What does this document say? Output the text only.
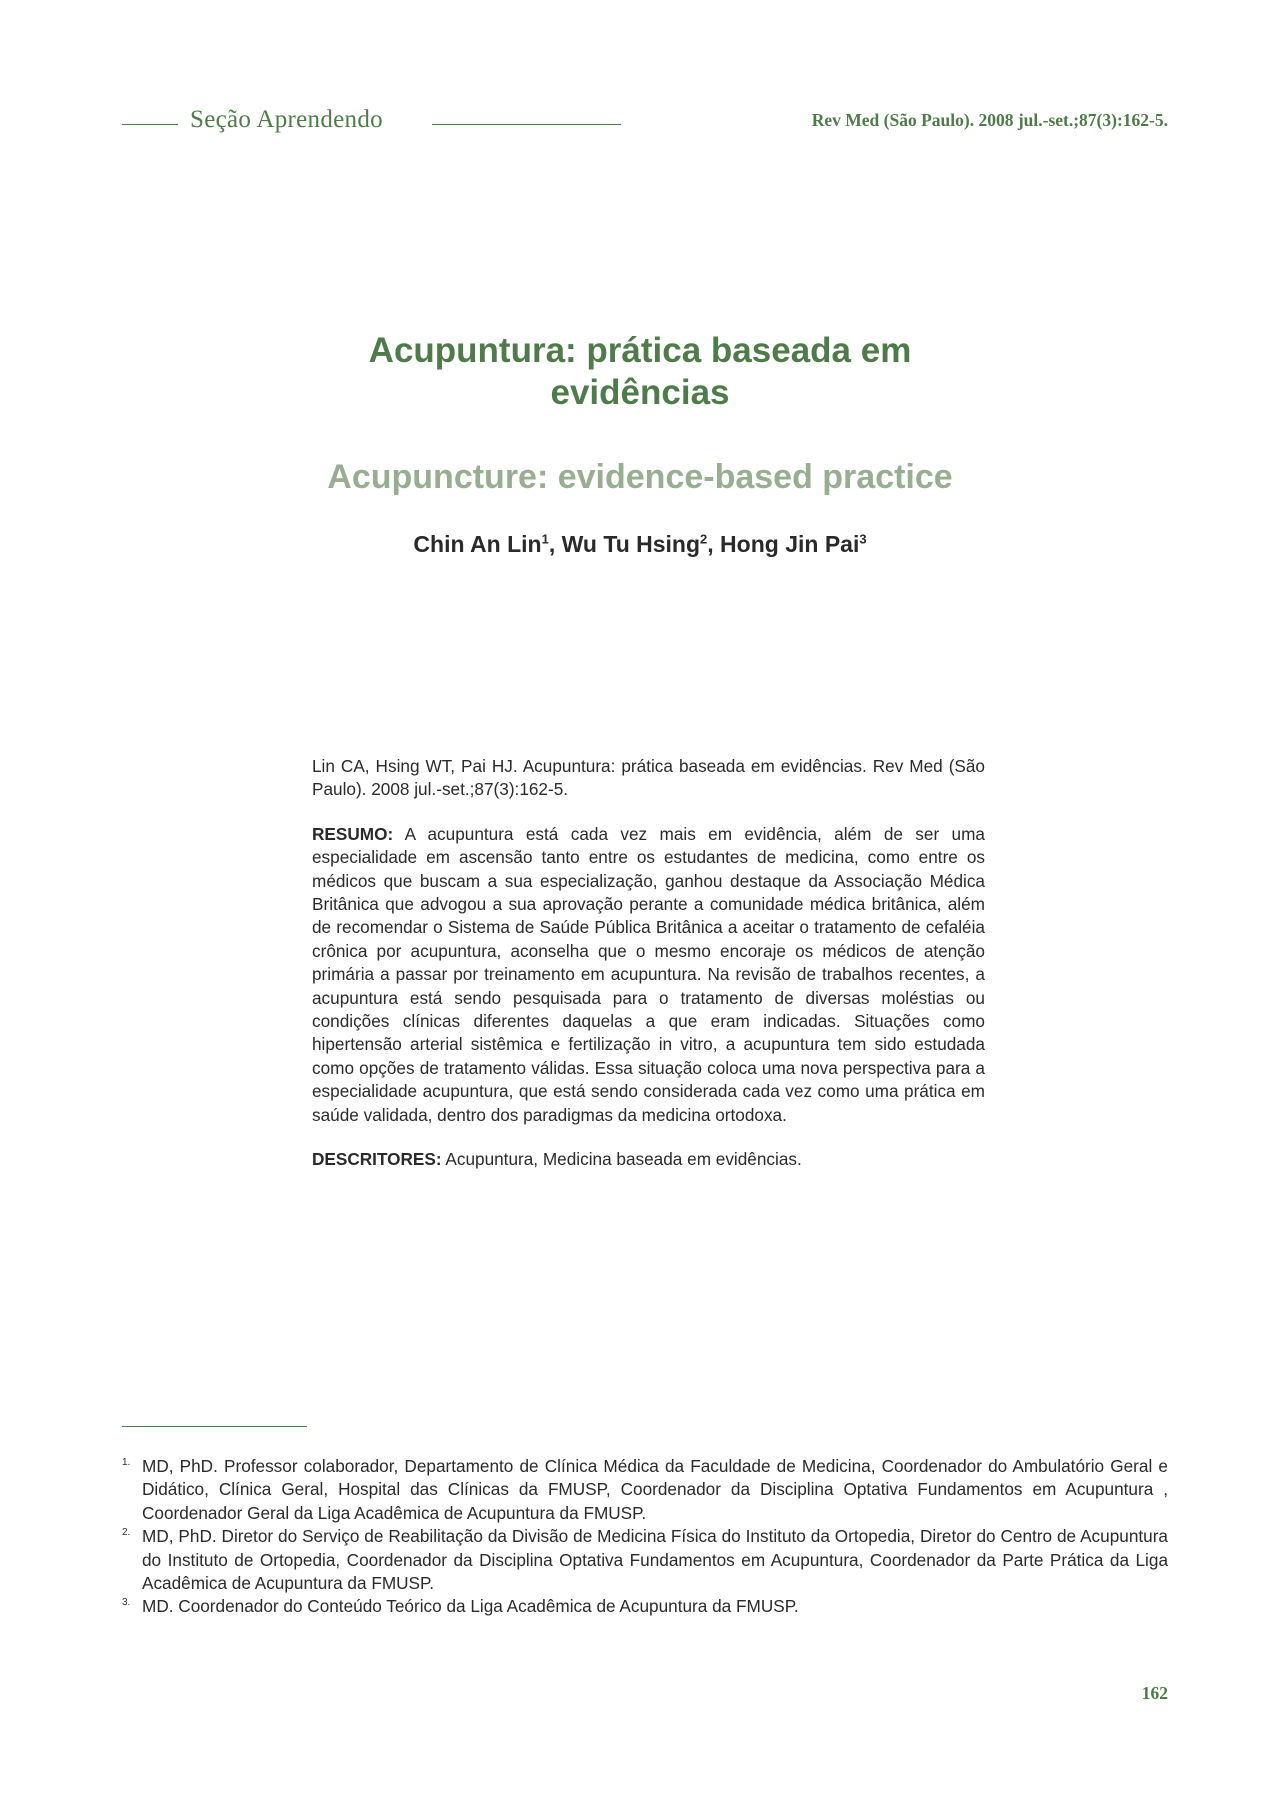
Seção Aprendendo	Rev Med (São Paulo). 2008 jul.-set.;87(3):162-5.
Acupuntura: prática baseada em
evidências
Acupuncture: evidence-based practice
Chin An Lin$^1$, Wu Tu Hsing$^2$, Hong Jin Pai$^3$

Lin CA, Hsing WT, Pai HJ. Acupuntura: prática baseada em evidências. Rev Med (São Paulo). 2008 jul.-set.;87(3):162-5.

RESUMO: A acupuntura está cada vez mais em evidência, além de ser uma especialidade em ascensão tanto entre os estudantes de medicina, como entre os médicos que buscam a sua especialização, ganhou destaque da Associação Médica Britânica que advogou a sua aprovação perante a comunidade médica britânica, além de recomendar o Sistema de Saúde Pública Britânica a aceitar o tratamento de cefaléia crônica por acupuntura, aconselha que o mesmo encoraje os médicos de atenção primária a passar por treinamento em acupuntura. Na revisão de trabalhos recentes, a acupuntura está sendo pesquisada para o tratamento de diversas moléstias ou condições clínicas diferentes daquelas a que eram indicadas. Situações como hipertensão arterial sistêmica e fertilização in vitro, a acupuntura tem sido estudada como opções de tratamento válidas. Essa situação coloca uma nova perspectiva para a especialidade acupuntura, que está sendo considerada cada vez como uma prática em saúde validada, dentro dos paradigmas da medicina ortodoxa.

DESCRITORES: Acupuntura, Medicina baseada em evidências.

1. MD, PhD. Professor colaborador, Departamento de Clínica Médica da Faculdade de Medicina, Coordenador do Ambulatório Geral e Didático, Clínica Geral, Hospital das Clínicas da FMUSP, Coordenador da Disciplina Optativa Fundamentos em Acupuntura , Coordenador Geral da Liga Acadêmica de Acupuntura da FMUSP.
2. MD, PhD. Diretor do Serviço de Reabilitação da Divisão de Medicina Física do Instituto da Ortopedia, Diretor do Centro de Acupuntura do Instituto de Ortopedia, Coordenador da Disciplina Optativa Fundamentos em Acupuntura, Coordenador da Parte Prática da Liga Acadêmica de Acupuntura da FMUSP.
3. MD. Coordenador do Conteúdo Teórico da Liga Acadêmica de Acupuntura da FMUSP.
162
